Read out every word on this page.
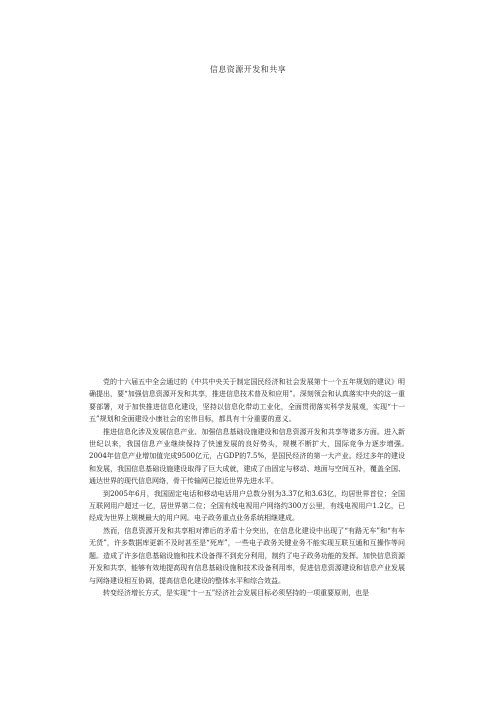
信息资源开发和共享

党的十六届五中全会通过的《中共中央关于制定国民经济和社会发展第十一个五年规划的建议》明确提出，要“加强信息资源开发和共享，推进信息技术普及和应用”。深刻领会和认真落实中央的这一重要部署，对于加快推进信息化建设，坚持以信息化带动工业化，全面贯彻落实科学发展观，实现“十一五”规划和全面建设小康社会的宏伟目标，都具有十分重要的意义。

推进信息化涉及发展信息产业、加强信息基础设施建设和信息资源开发和共享等诸多方面。进入新世纪以来，我国信息产业继续保持了快速发展的良好势头，规模不断扩大，国际竞争力逐步增强。　　2004年信息产业增加值完成9500亿元，占GDP的7.5%，是国民经济的第一大产业。经过多年的建设和发展，我国信息基础设施建设取得了巨大成就，建成了由固定与移动、地面与空间互补，覆盖全国、通达世界的现代信息网络，骨干传输网已接近世界先进水平。

到2005年6月，我国固定电话和移动电话用户总数分别为3.37亿和3.63亿，均居世界首位；全国互联网用户超过一亿，居世界第二位；全国有线电视用户网络约300万公里，有线电视用户1.2亿，已经成为世界上规模最大的用户网。电子政务重点业务系统相继建成。

然而，信息资源开发和共享相对滞后的矛盾十分突出，在信息化建设中出现了“有路无车”和“有车无货”，许多数据库更新不及时甚至是“死库”，一些电子政务关键业务不能实现互联互通和互操作等问题。造成了许多信息基础设施和技术设备得不到充分利用，制约了电子政务功能的发挥。加快信息资源开发和共享，能够有效地提高现有信息基础设施和技术设备利用率，促进信息资源建设和信息产业发展与网络建设相互协调，提高信息化建设的整体水平和综合效益。

转变经济增长方式，是实现“十一五”经济社会发展目标必须坚持的一项重要原则，也是
